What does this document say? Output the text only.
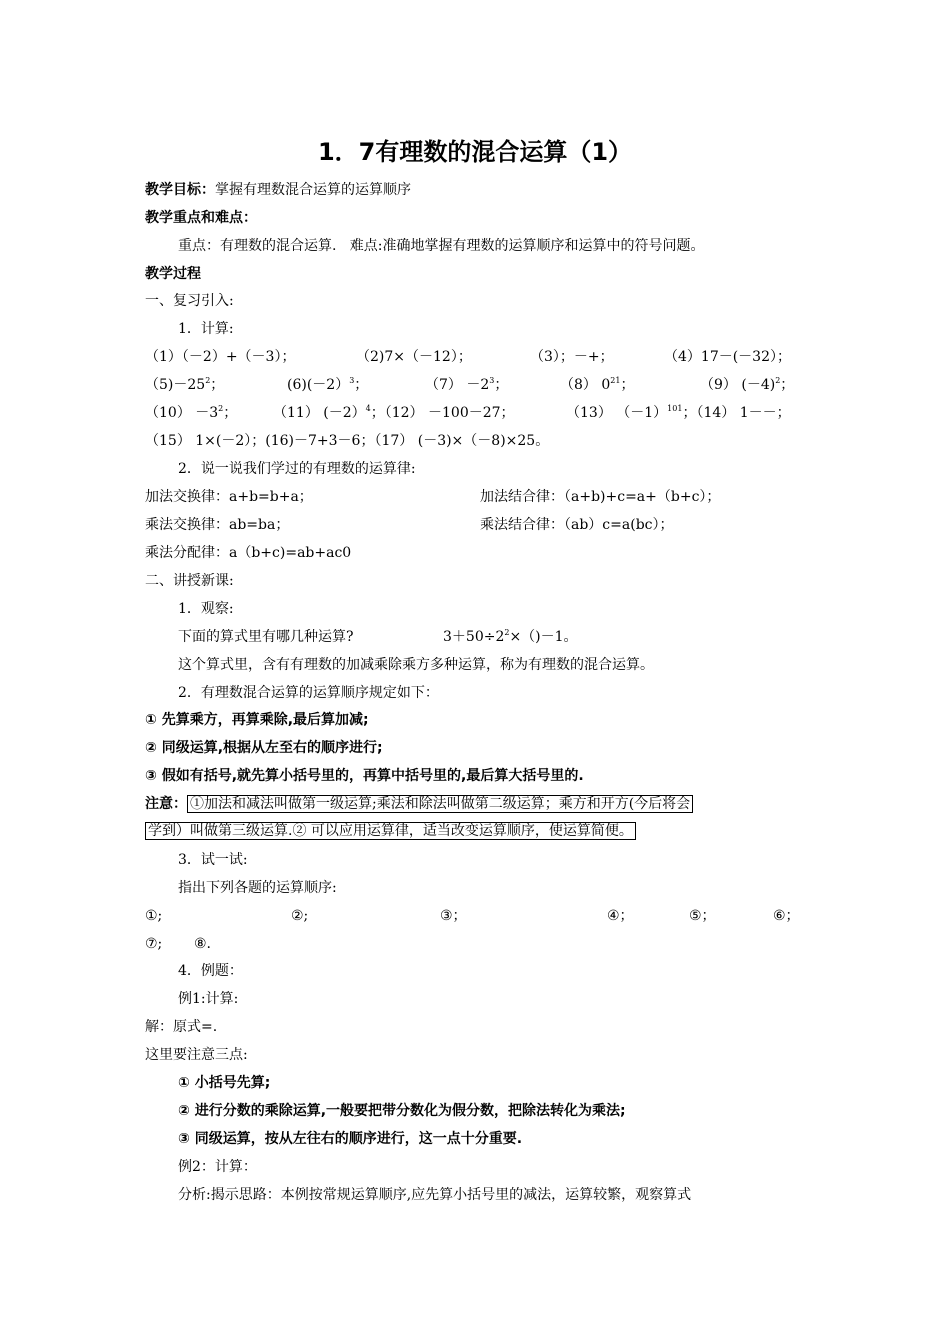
1．7有理数的混合运算（1）
教学目标：掌握有理数混合运算的运算顺序
教学重点和难点：
重点：有理数的混合运算.   难点:准确地掌握有理数的运算顺序和运算中的符号问题。
教学过程
一、复习引入:
1．计算:
（1）（－2）+（－3）；	（2)7×（－12）；	（3）；－+；	（4）17－(－32）；
$(5)-25^2$；	(6)(－2）$^3$；	$(7) -2^3$；	（8） $0^{21}$；	（9） $(-4)^2$；
$(10) -3^2$；	（11） (－2）$^4$；（12） －100－27；	（13） $(-1)^{101}$；（14） 1－－；
（15） 1×(－2）；(16)－7+3－6；（17） (－3)×（－8)×25。
2．说一说我们学过的有理数的运算律:
加法交换律：a+b=b+a；	加法结合律：（a+b)+c=a+（b+c）；
乘法交换律：ab=ba；	乘法结合律：（ab）c=a(bc）；
乘法分配律：a（b+c)=ab+ac0
二、讲授新课:
1．观察:
下面的算式里有哪几种运算?	$3+50\div 2^2\times()-1$。
这个算式里，含有有理数的加减乘除乘方多种运算，称为有理数的混合运算。
2．有理数混合运算的运算顺序规定如下：
① 先算乘方，再算乘除,最后算加减;
② 同级运算,根据从左至右的顺序进行;
③ 假如有括号,就先算小括号里的，再算中括号里的,最后算大括号里的.
注意： ①加法和减法叫做第一级运算;乘法和除法叫做第二级运算；乘方和开方(今后将会
学到）叫做第三级运算.② 可以应用运算律，适当改变运算顺序，使运算简便。
3．试一试:
指出下列各题的运算顺序:
①;	②;	③；	④；	⑤；	⑥；
⑦; ⑧.
4．例题：
例1:计算:
解：原式=.
这里要注意三点:
① 小括号先算;
② 进行分数的乘除运算,一般要把带分数化为假分数，把除法转化为乘法;
③ 同级运算，按从左往右的顺序进行，这一点十分重要.
例2：计算：
分析:揭示思路：本例按常规运算顺序,应先算小括号里的减法，运算较繁，观察算式
